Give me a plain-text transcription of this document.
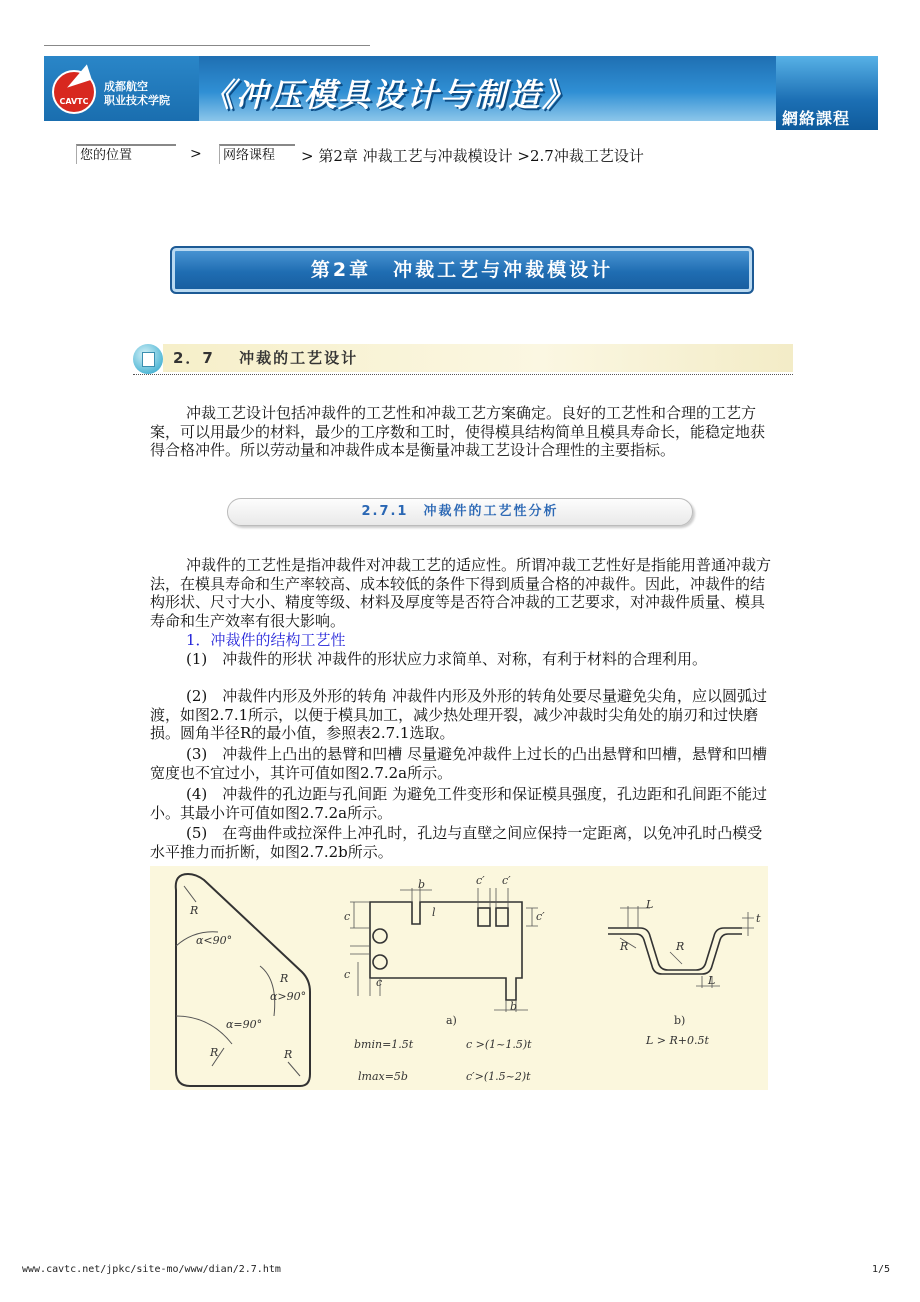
CAVTC
成都航空
职业技术学院 《冲压模具设计与制造》
網絡課程
您的位置	>	网络课程	> 第2章 冲裁工艺与冲裁模设计 >2.7冲裁工艺设计
第2章　冲裁工艺与冲裁模设计
2．7　 冲裁的工艺设计
冲裁工艺设计包括冲裁件的工艺性和冲裁工艺方案确定。良好的工艺性和合理的工艺方案，可以用最少的材料，最少的工序数和工时，使得模具结构简单且模具寿命长，能稳定地获得合格冲件。所以劳动量和冲裁件成本是衡量冲裁工艺设计合理性的主要指标。
2.7.1　 冲裁件的工艺性分析
冲裁件的工艺性是指冲裁件对冲裁工艺的适应性。所谓冲裁工艺性好是指能用普通冲裁方法，在模具寿命和生产率较高、成本较低的条件下得到质量合格的冲裁件。因此，冲裁件的结构形状、尺寸大小、精度等级、材料及厚度等是否符合冲裁的工艺要求，对冲裁件质量、模具寿命和生产效率有很大影响。
1．冲裁件的结构工艺性
(1)　冲裁件的形状 冲裁件的形状应力求简单、对称，有利于材料的合理利用。
(2)　冲裁件内形及外形的转角 冲裁件内形及外形的转角处要尽量避免尖角，应以圆弧过渡，如图2.7.1所示，以便于模具加工，减少热处理开裂，减少冲裁时尖角处的崩刃和过快磨损。圆角半径R的最小值，参照表2.7.1选取。
(3)　冲裁件上凸出的悬臂和凹槽 尽量避免冲裁件上过长的凸出悬臂和凹槽，悬臂和凹槽宽度也不宜过小，其许可值如图2.7.2a所示。
(4)　冲裁件的孔边距与孔间距 为避免工件变形和保证模具强度，孔边距和孔间距不能过小。其最小许可值如图2.7.2a所示。
(5)　在弯曲件或拉深件上冲孔时，孔边与直壁之间应保持一定距离，以免冲孔时凸模受水平推力而折断，如图2.7.2b所示。
R
α<90°
R
α>90°
α=90°
R	R
b	c′ c′
c	l	c′
c
c
b
a)
bmin=1.5t	c >(1~1.5)t
lmax=5b	c′>(1.5~2)t
L
t
R	R
L
b)
L > R+0.5t
www.cavtc.net/jpkc/site-mo/www/dian/2.7.htm	1/5
